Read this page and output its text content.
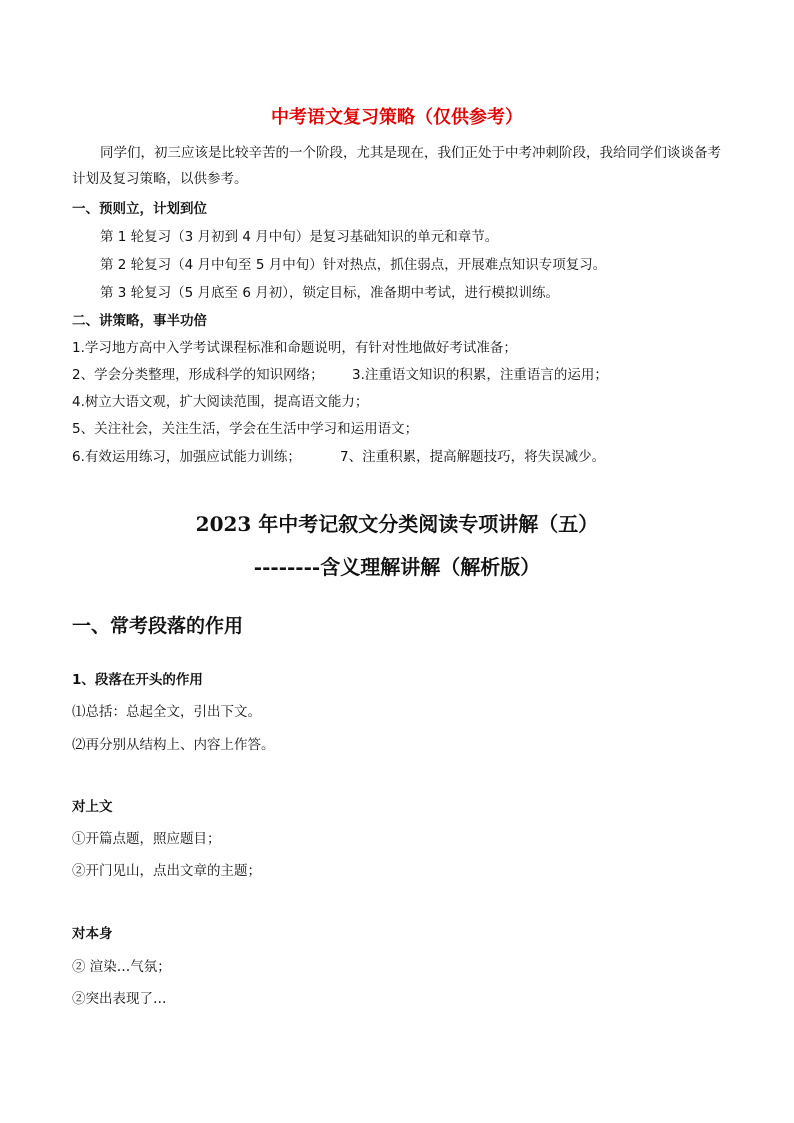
中考语文复习策略（仅供参考）
同学们，初三应该是比较辛苦的一个阶段，尤其是现在，我们正处于中考冲刺阶段，我给同学们谈谈备考计划及复习策略，以供参考。
一、预则立，计划到位
第 1 轮复习（3 月初到 4 月中旬）是复习基础知识的单元和章节。
第 2 轮复习（4 月中旬至 5 月中旬）针对热点，抓住弱点，开展难点知识专项复习。
第 3 轮复习（5 月底至 6 月初），锁定目标，准备期中考试，进行模拟训练。
二、讲策略，事半功倍
1.学习地方高中入学考试课程标准和命题说明，有针对性地做好考试准备；
2、学会分类整理，形成科学的知识网络； 3.注重语文知识的积累，注重语言的运用；
4.树立大语文观，扩大阅读范围，提高语文能力；
5、关注社会，关注生活，学会在生活中学习和运用语文；
6.有效运用练习，加强应试能力训练；	7、注重积累，提高解题技巧，将失误减少。
2023 年中考记叙文分类阅读专项讲解（五）
--------含义理解讲解（解析版）
一、常考段落的作用
1、段落在开头的作用
⑴总括：总起全文，引出下文。
⑵再分别从结构上、内容上作答。
对上文
①开篇点题，照应题目；
②开门见山，点出文章的主题；
对本身
② 渲染…气氛；
②突出表现了…
